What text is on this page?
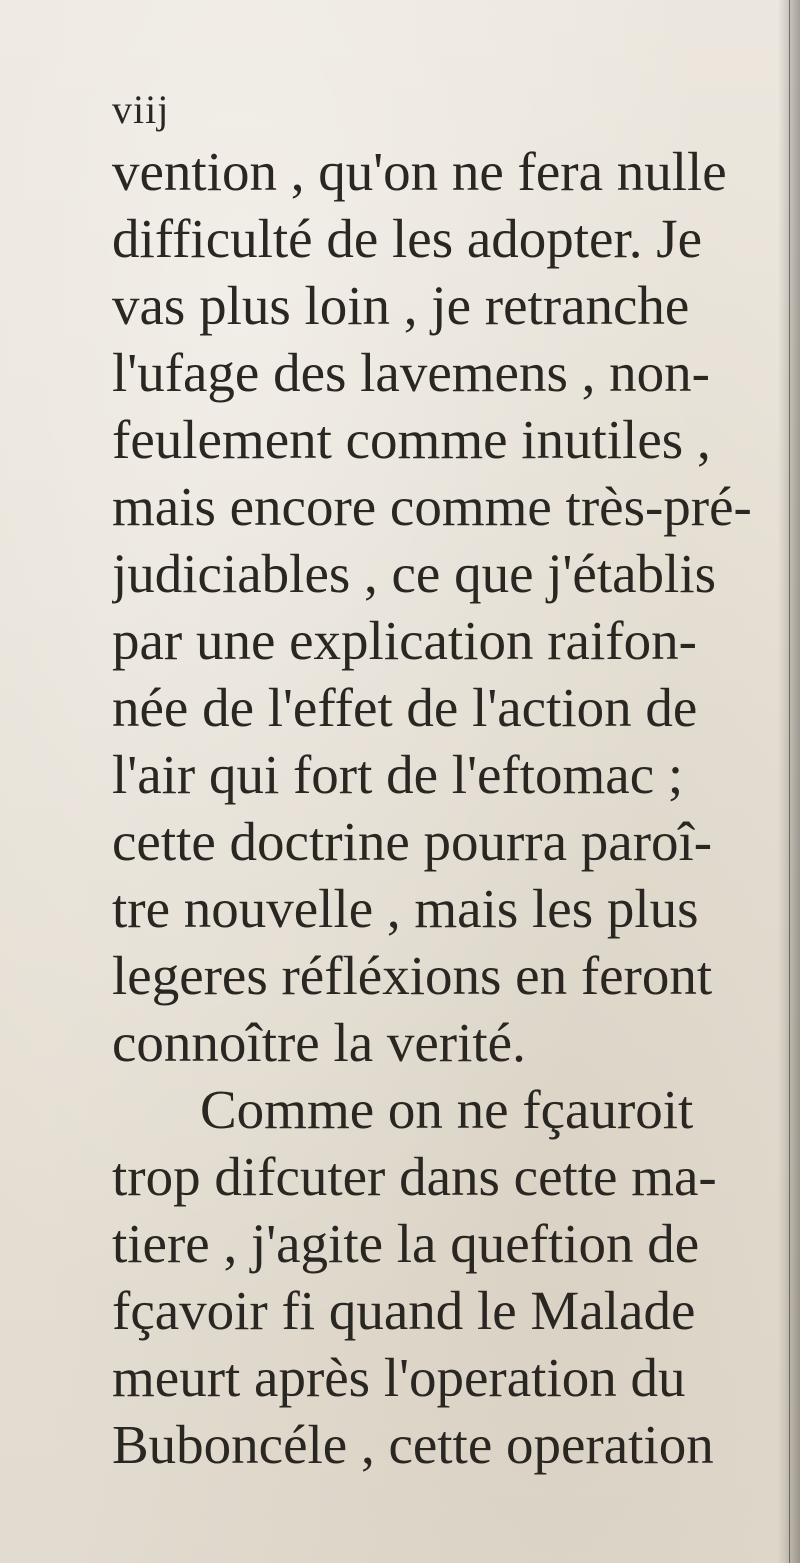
viij
vention , qu'on ne fera nulle
difficulté de les adopter. Je
vas plus loin , je retranche
l'ufage des lavemens , non-
feulement comme inutiles ,
mais encore comme très-pré-
judiciables , ce que j'établis
par une explication raifon-
née de l'effet de l'action de
l'air qui fort de l'eftomac ;
cette doctrine pourra paroî-
tre nouvelle , mais les plus
legeres réfléxions en feront
connoître la verité.
Comme on ne fçauroit
trop difcuter dans cette ma-
tiere , j'agite la queftion de
fçavoir fi quand le Malade
meurt après l'operation du
Buboncéle , cette operation
